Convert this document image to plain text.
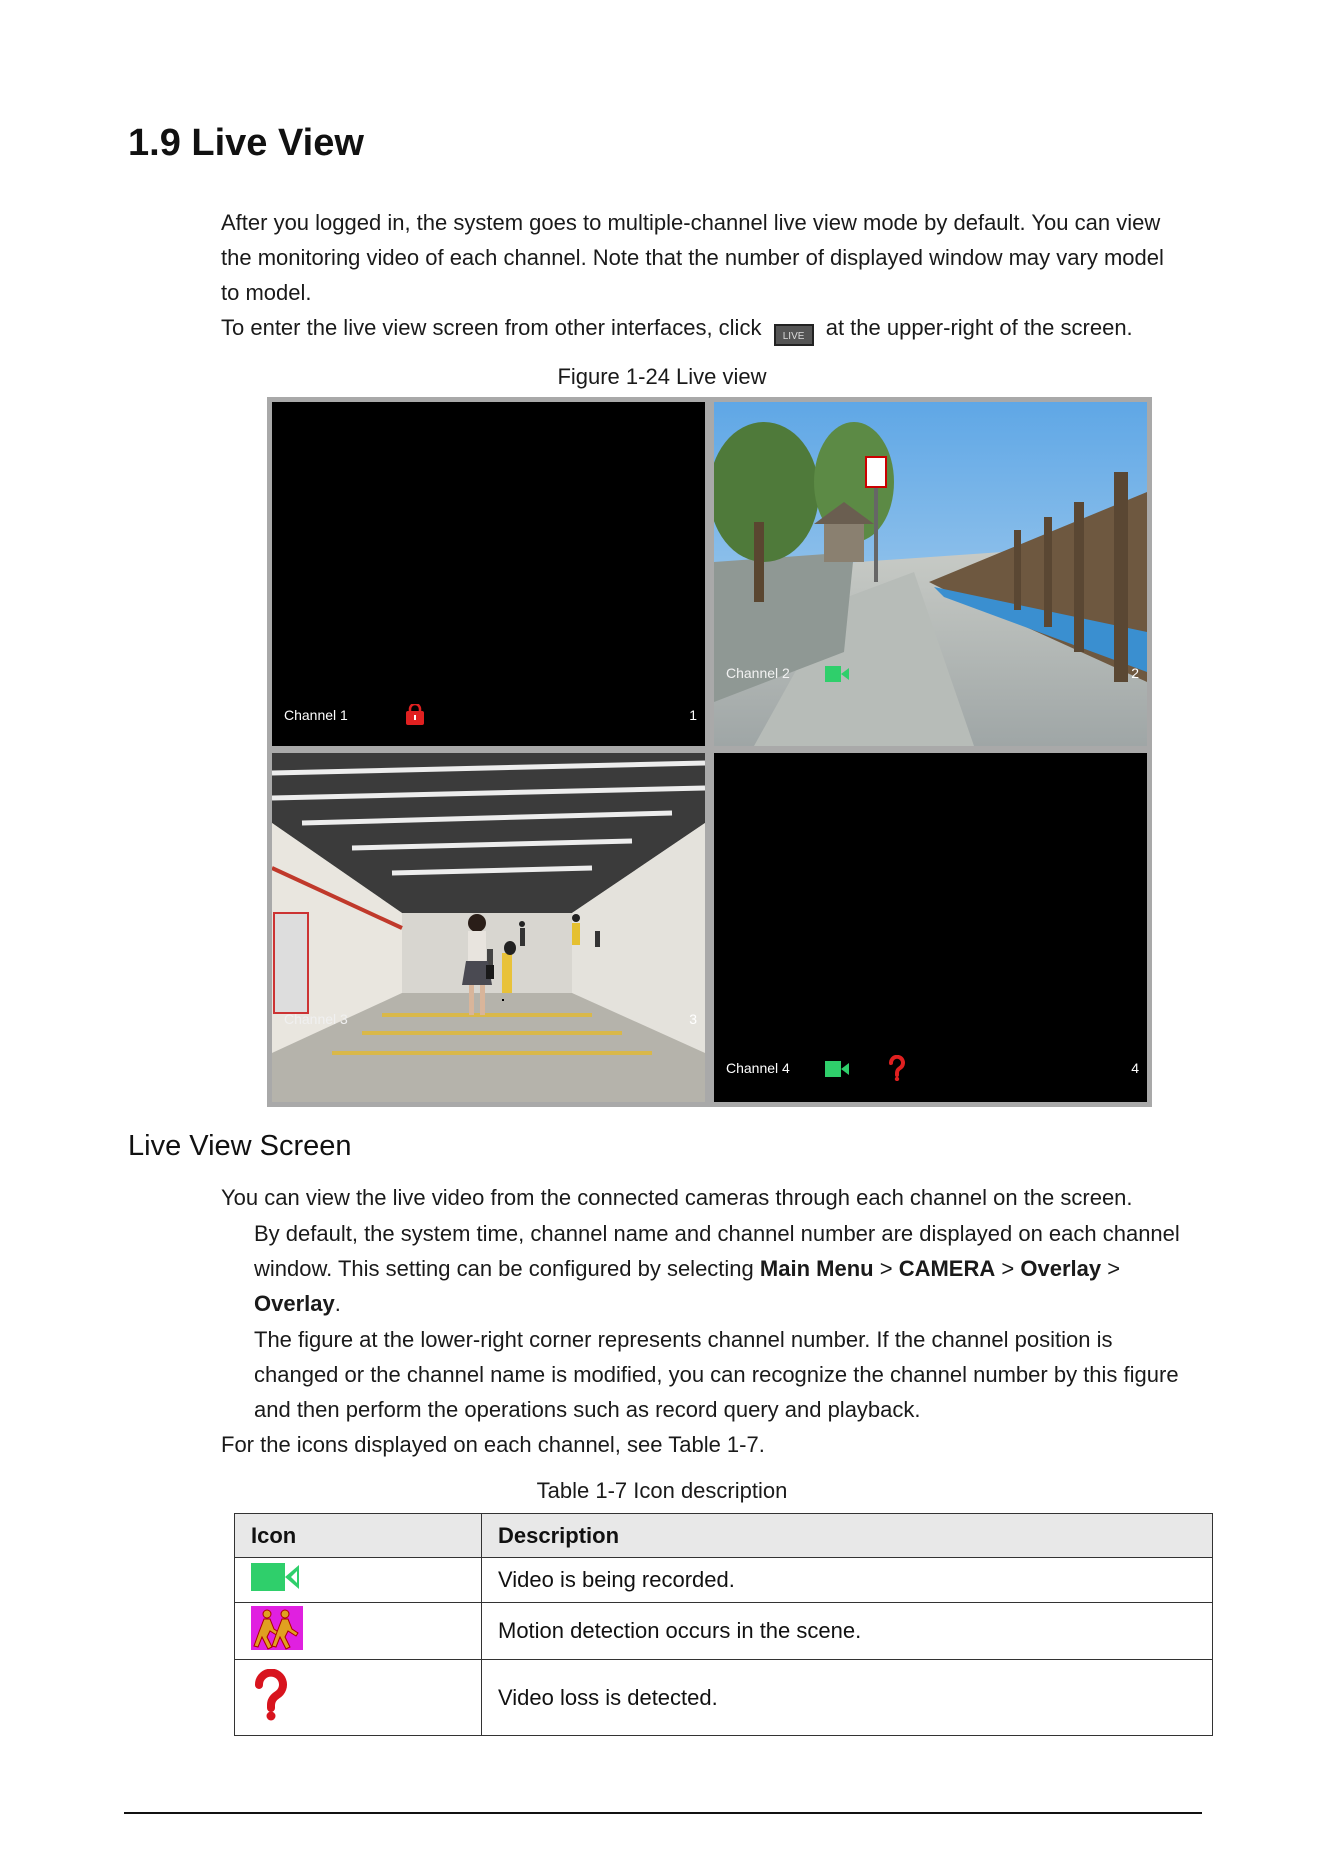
1.9 Live View
After you logged in, the system goes to multiple-channel live view mode by default. You can view
the monitoring video of each channel. Note that the number of displayed window may vary model
to model.
To enter the live view screen from other interfaces, click LIVE at the upper-right of the screen.
Figure 1-24 Live view
Channel 1	1
Channel 2	2
Channel 3	3
Channel 4	4
Live View Screen
You can view the live video from the connected cameras through each channel on the screen.
By default, the system time, channel name and channel number are displayed on each channel
window. This setting can be configured by selecting Main Menu > CAMERA > Overlay >
Overlay.
The figure at the lower-right corner represents channel number. If the channel position is
changed or the channel name is modified, you can recognize the channel number by this figure
and then perform the operations such as record query and playback.
For the icons displayed on each channel, see Table 1-7.
Table 1-7 Icon description
Icon	Description
	Video is being recorded.
	Motion detection occurs in the scene.
	Video loss is detected.
